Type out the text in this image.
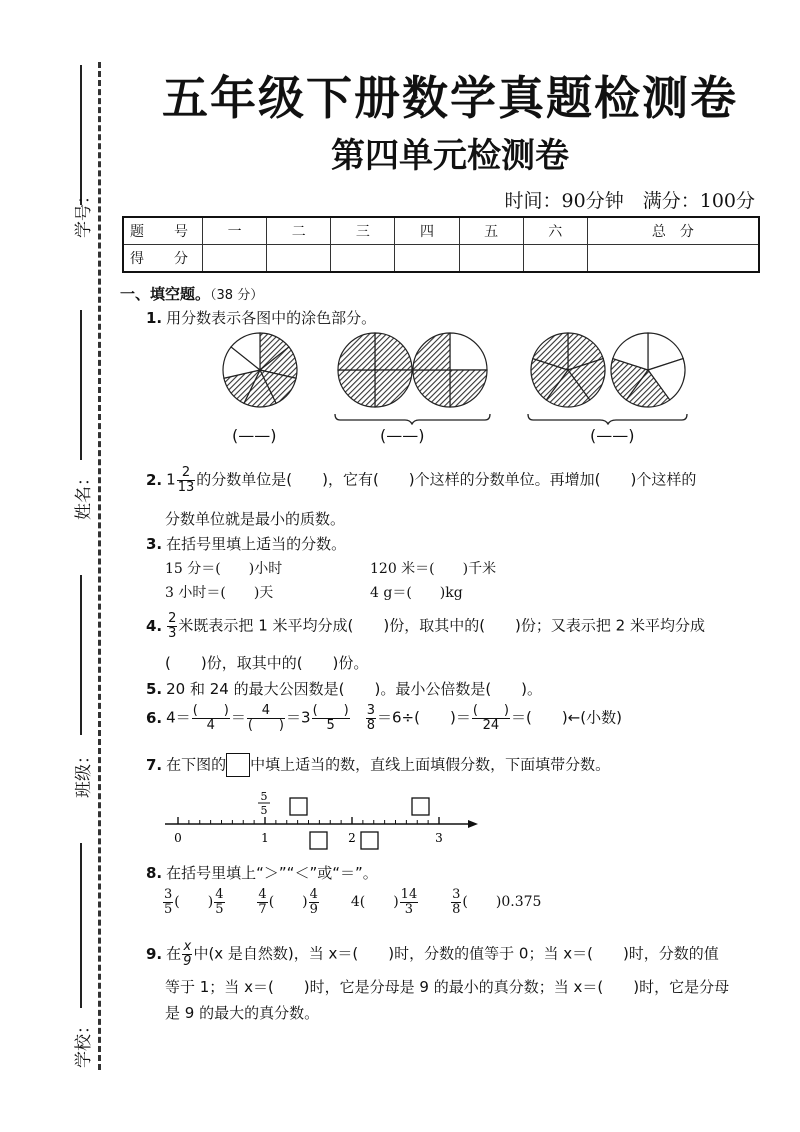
学号：
姓名：
班级：
学校：
五年级下册数学真题检测卷
第四单元检测卷
时间：90分钟　满分：100分
题　号	一	二	三	四	五	六	总　分
得　分							
一、填空题。（38 分）
1. 用分数表示各图中的涂色部分。
(——)	(——)	(——)
2. $1 \frac{2}{13}$ 的分数单位是(　　)，它有(　　)个这样的分数单位。再增加(　　)个这样的
分数单位就是最小的质数。
3. 在括号里填上适当的分数。
15 分＝(　　)小时	120 米＝(　　)千米
3 小时＝(　　)天	4 g＝(　　)kg
4. $\frac{2}{3}$ 米既表示把 1 米平均分成(　　)份，取其中的(　　)份；又表示把 2 米平均分成
(　　)份，取其中的(　　)份。
5. 20 和 24 的最大公因数是(　　)。最小公倍数是(　　)。
6. $4= \frac{( )}{4} = \frac{4}{( )} =3 \frac{( )}{5} \frac{3}{8} =6\div$(　　)＝ $\frac{( )}{24}$ ＝(　　)←(小数)
7. 在下图的 中填上适当的数，直线上面填假分数，下面填带分数。
0	1	2	3
5
5
8. 在括号里填上“＞”“＜”或“＝”。
$\frac{3}{5}$ (　　) $\frac{4}{5}$
	$\frac{4}{7}$ (　　) $\frac{4}{9} 4$(　　) $\frac{14}{3}$
	$\frac{3}{8}$ (　　)0.375
9. 在 $\frac{x}{9}$ 中(x 是自然数)，当 x＝(　　)时，分数的值等于 0；当 x＝(　　)时，分数的值
等于 1；当 x＝(　　)时，它是分母是 9 的最小的真分数；当 x＝(　　)时，它是分母
是 9 的最大的真分数。
